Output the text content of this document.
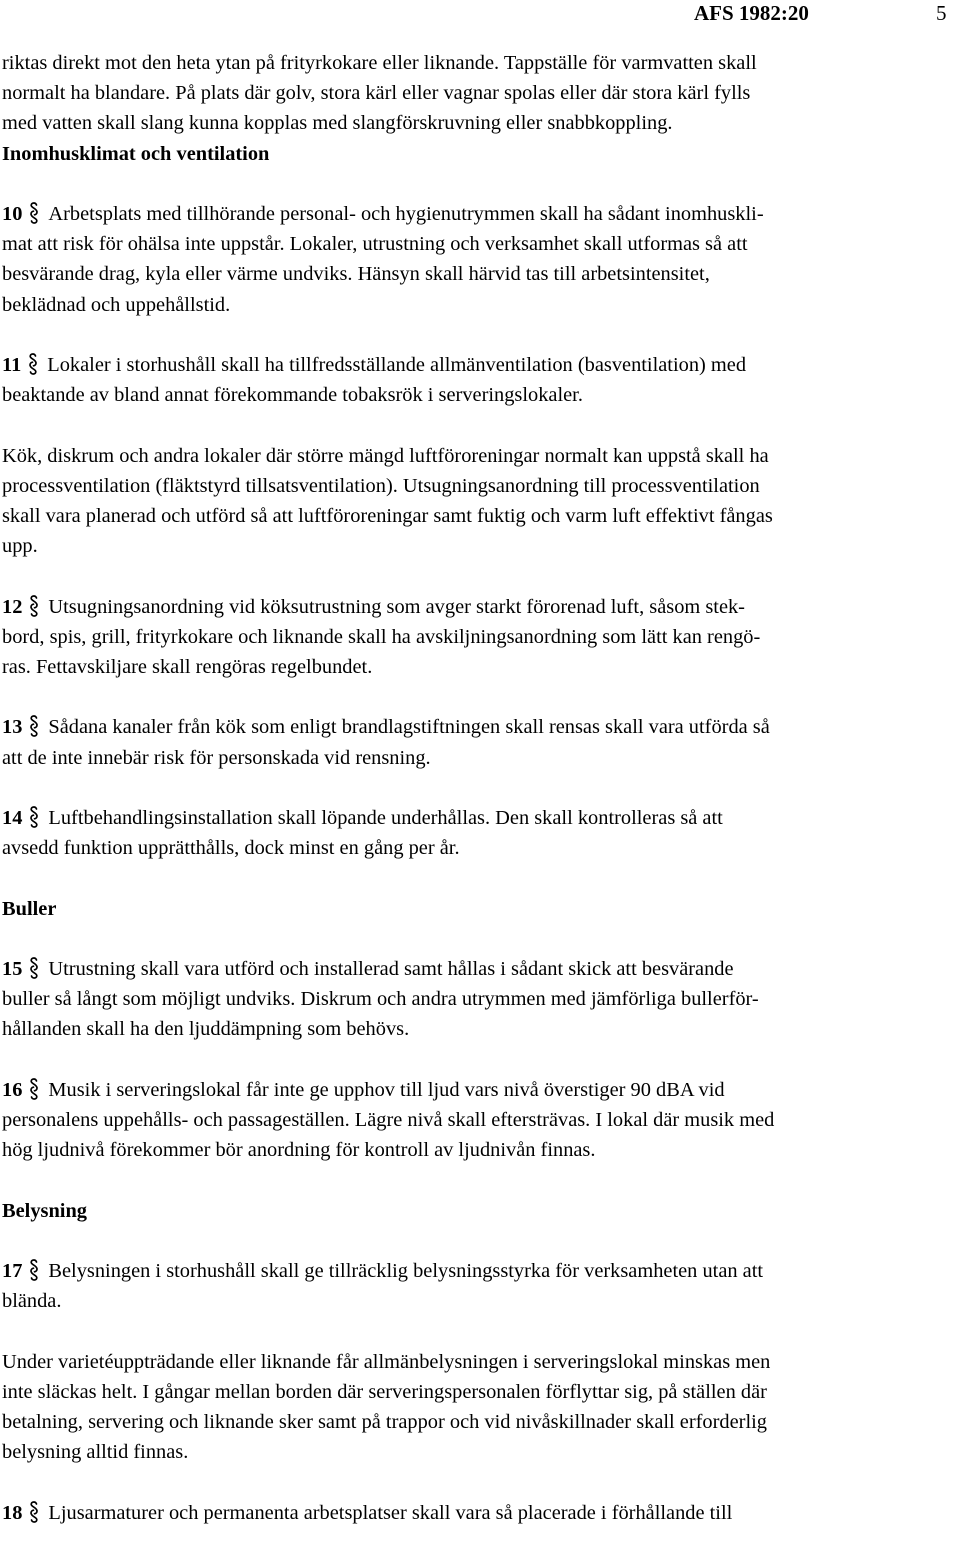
AFS 1982:20	5
riktas direkt mot den heta ytan på frityrkokare eller liknande. Tappställe för varmvatten skall
normalt ha blandare. På plats där golv, stora kärl eller vagnar spolas eller där stora kärl fylls
med vatten skall slang kunna kopplas med slangförskruvning eller snabbkoppling.
Inomhusklimat och ventilation
10 Arbetsplats med tillhörande personal- och hygienutrymmen skall ha sådant inomhuskli-
mat att risk för ohälsa inte uppstår. Lokaler, utrustning och verksamhet skall utformas så att
besvärande drag, kyla eller värme undviks. Hänsyn skall härvid tas till arbetsintensitet,
beklädnad och uppehållstid.
11 Lokaler i storhushåll skall ha tillfredsställande allmänventilation (basventilation) med
beaktande av bland annat förekommande tobaksrök i serveringslokaler.
Kök, diskrum och andra lokaler där större mängd luftföroreningar normalt kan uppstå skall ha
processventilation (fläktstyrd tillsatsventilation). Utsugningsanordning till processventilation
skall vara planerad och utförd så att luftföroreningar samt fuktig och varm luft effektivt fångas
upp.
12 Utsugningsanordning vid köksutrustning som avger starkt förorenad luft, såsom stek-
bord, spis, grill, frityrkokare och liknande skall ha avskiljningsanordning som lätt kan rengö-
ras. Fettavskiljare skall rengöras regelbundet.
13 Sådana kanaler från kök som enligt brandlagstiftningen skall rensas skall vara utförda så
att de inte innebär risk för personskada vid rensning.
14 Luftbehandlingsinstallation skall löpande underhållas. Den skall kontrolleras så att
avsedd funktion upprätthålls, dock minst en gång per år.
Buller
15 Utrustning skall vara utförd och installerad samt hållas i sådant skick att besvärande
buller så långt som möjligt undviks. Diskrum och andra utrymmen med jämförliga bullerför-
hållanden skall ha den ljuddämpning som behövs.
16 Musik i serveringslokal får inte ge upphov till ljud vars nivå överstiger 90 dBA vid
personalens uppehålls- och passageställen. Lägre nivå skall eftersträvas. I lokal där musik med
hög ljudnivå förekommer bör anordning för kontroll av ljudnivån finnas.
Belysning
17 Belysningen i storhushåll skall ge tillräcklig belysningsstyrka för verksamheten utan att
blända.
Under varietéuppträdande eller liknande får allmänbelysningen i serveringslokal minskas men
inte släckas helt. I gångar mellan borden där serveringspersonalen förflyttar sig, på ställen där
betalning, servering och liknande sker samt på trappor och vid nivåskillnader skall erforderlig
belysning alltid finnas.
18 Ljusarmaturer och permanenta arbetsplatser skall vara så placerade i förhållande till
